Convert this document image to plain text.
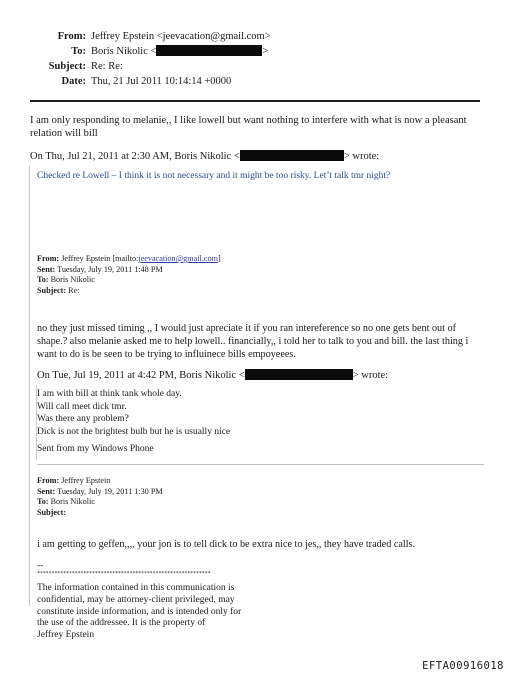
From: Jeffrey Epstein <jeevacation@gmail.com>
To: Boris Nikolic <	>
Subject: Re: Re:
Date: Thu, 21 Jul 2011 10:14:14 +0000
I am only responding to melanie,, I like lowell but want nothing to interfere with what is now a pleasant
relation will bill
On Thu, Jul 21, 2011 at 2:30 AM, Boris Nikolic <	> wrote:
Checked re Lowell – I think it is not necessary and it might be too risky. Let’t talk tmr night?
From: Jeffrey Epstein [mailto:jeevacation@gmail.com]
Sent: Tuesday, July 19, 2011 1:48 PM
To: Boris Nikolic
Subject: Re:
no they just missed timing ,, I would just apreciate it if you ran intereference so no one gets bent out of
shape.? also melanie asked me to help lowell.. financially,, i told her to talk to you and bill. the last thing i
want to do is be seen to be trying to influinece bills empoyeees.
On Tue, Jul 19, 2011 at 4:42 PM, Boris Nikolic <	> wrote:
I am with bill at think tank whole day.
Will call meet dick tmr.
Was there any problem?
Dick is not the brightest bulb but he is usually nice
Sent from my Windows Phone
From: Jeffrey Epstein
Sent: Tuesday, July 19, 2011 1:30 PM
To: Boris Nikolic
Subject:
i am getting to geffen,,,, your jon is to tell dick to be extra nice to jes,, they have traded calls.
--
************************************************************
The information contained in this communication is
confidential, may be attorney-client privileged, may
constitute inside information, and is intended only for
the use of the addressee. It is the property of
Jeffrey Epstein
EFTA00916018
